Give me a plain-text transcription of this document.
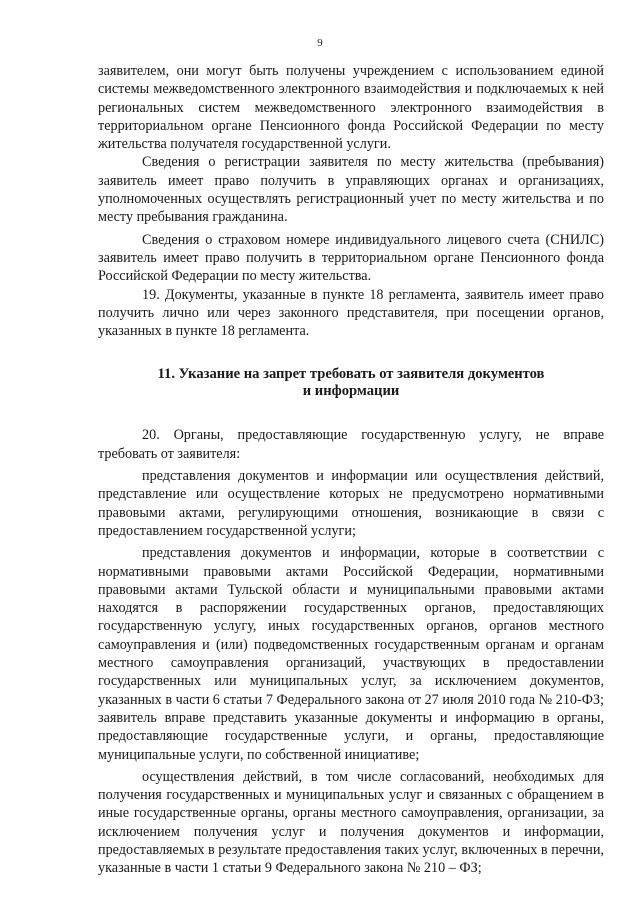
9

заявителем, они могут быть получены учреждением с использованием единой системы межведомственного электронного взаимодействия и подключаемых к ней региональных систем межведомственного электронного взаимодействия в территориальном органе Пенсионного фонда Российской Федерации по месту жительства получателя государственной услуги.

Сведения о регистрации заявителя по месту жительства (пребывания) заявитель имеет право получить в управляющих органах и организациях, уполномоченных осуществлять регистрационный учет по месту жительства и по месту пребывания гражданина.

Сведения о страховом номере индивидуального лицевого счета (СНИЛС) заявитель имеет право получить в территориальном органе Пенсионного фонда Российской Федерации по месту жительства.

19. Документы, указанные в пункте 18 регламента, заявитель имеет право получить лично или через законного представителя, при посещении органов, указанных в пункте 18 регламента.

11. Указание на запрет требовать от заявителя документов
и информации

20. Органы, предоставляющие государственную услугу, не вправе требовать от заявителя:

представления документов и информации или осуществления действий, представление или осуществление которых не предусмотрено нормативными правовыми актами, регулирующими отношения, возникающие в связи с предоставлением государственной услуги;

представления документов и информации, которые в соответствии с нормативными правовыми актами Российской Федерации, нормативными правовыми актами Тульской области и муниципальными правовыми актами находятся в распоряжении государственных органов, предоставляющих государственную услугу, иных государственных органов, органов местного самоуправления и (или) подведомственных государственным органам и органам местного самоуправления организаций, участвующих в предоставлении государственных или муниципальных услуг, за исключением документов, указанных в части 6 статьи 7 Федерального закона от 27 июля 2010 года № 210-ФЗ; заявитель вправе представить указанные документы и информацию в органы, предоставляющие государственные услуги, и органы, предоставляющие муниципальные услуги, по собственной инициативе;

осуществления действий, в том числе согласований, необходимых для получения государственных и муниципальных услуг и связанных с обращением в иные государственные органы, органы местного самоуправления, организации, за исключением получения услуг и получения документов и информации, предоставляемых в результате предоставления таких услуг, включенных в перечни, указанные в части 1 статьи 9 Федерального закона № 210 – ФЗ;
